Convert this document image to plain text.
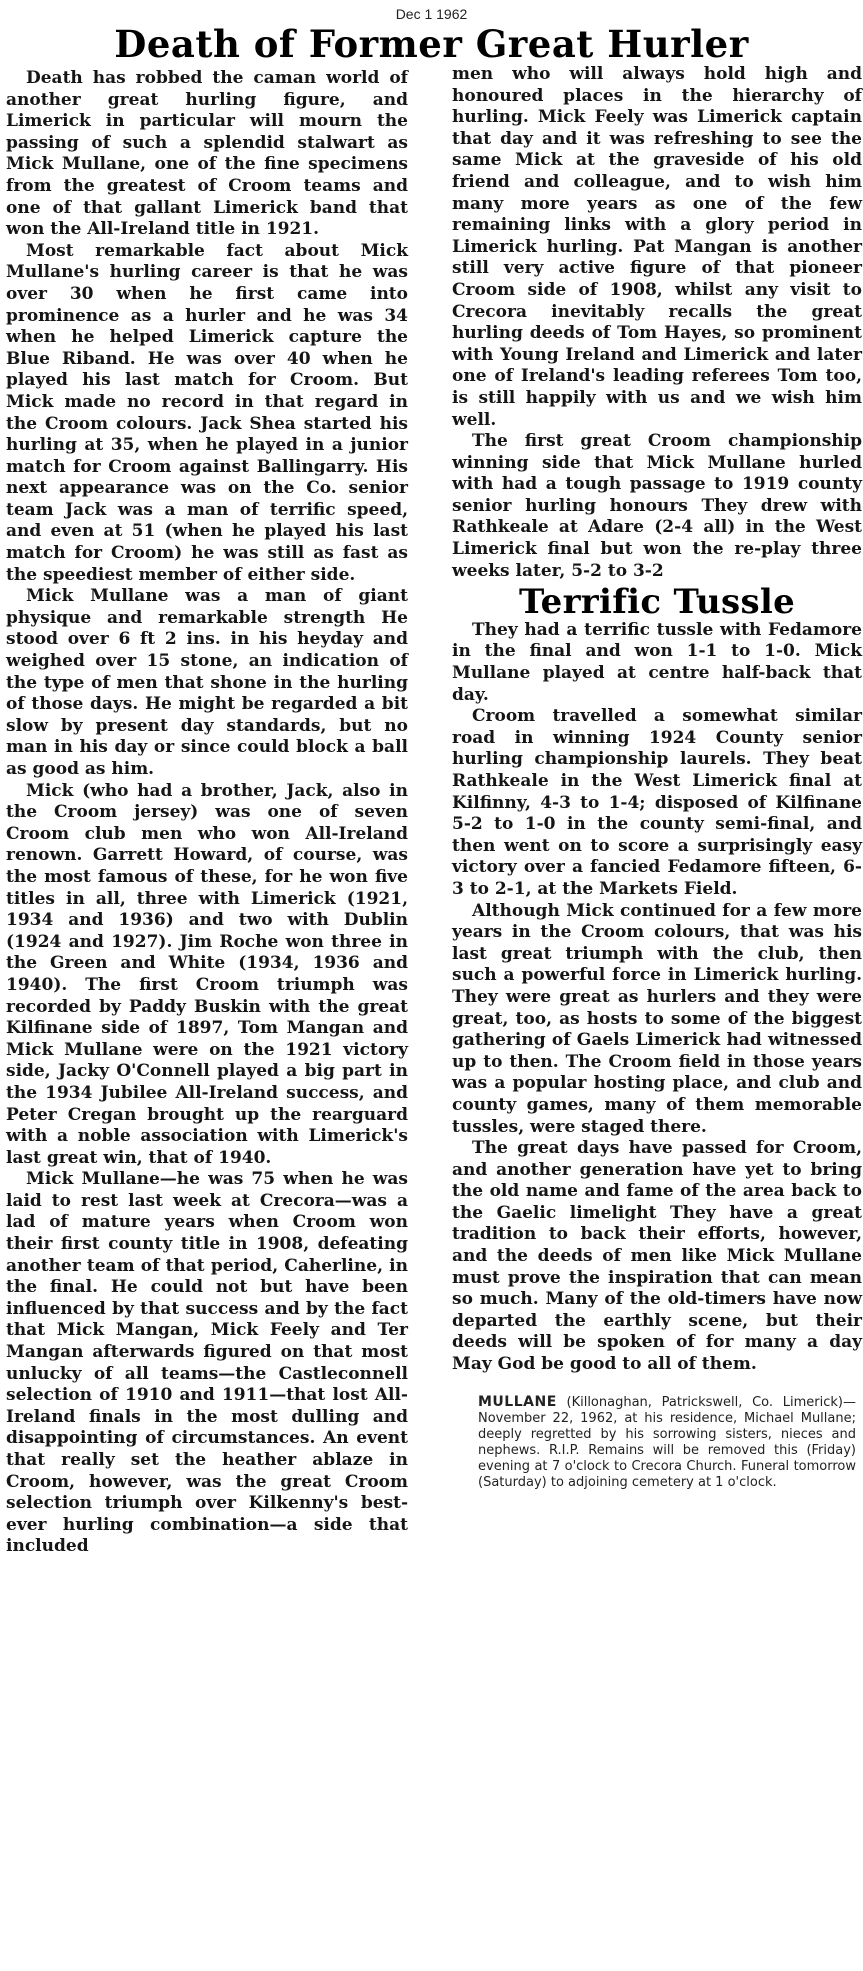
Dec 1 1962
Death of Former Great Hurler

Death has robbed the caman world of another great hurling figure, and Limerick in particular will mourn the passing of such a splendid stalwart as Mick Mullane, one of the fine specimens from the greatest of Croom teams and one of that gallant Limerick band that won the All-Ireland title in 1921.

Most remarkable fact about Mick Mullane's hurling career is that he was over 30 when he first came into prominence as a hurler and he was 34 when he helped Limerick capture the Blue Riband. He was over 40 when he played his last match for Croom. But Mick made no record in that regard in the Croom colours. Jack Shea started his hurling at 35, when he played in a junior match for Croom against Ballingarry. His next appearance was on the Co. senior team Jack was a man of terrific speed, and even at 51 (when he played his last match for Croom) he was still as fast as the speediest member of either side.

Mick Mullane was a man of giant physique and remarkable strength He stood over 6 ft 2 ins. in his heyday and weighed over 15 stone, an indication of the type of men that shone in the hurling of those days. He might be regarded a bit slow by present day standards, but no man in his day or since could block a ball as good as him.

Mick (who had a brother, Jack, also in the Croom jersey) was one of seven Croom club men who won All-Ireland renown. Garrett Howard, of course, was the most famous of these, for he won five titles in all, three with Limerick (1921, 1934 and 1936) and two with Dublin (1924 and 1927). Jim Roche won three in the Green and White (1934, 1936 and 1940). The first Croom triumph was recorded by Paddy Buskin with the great Kilfinane side of 1897, Tom Mangan and Mick Mullane were on the 1921 victory side, Jacky O'Connell played a big part in the 1934 Jubilee All-Ireland success, and Peter Cregan brought up the rearguard with a noble association with Limerick's last great win, that of 1940.

Mick Mullane—he was 75 when he was laid to rest last week at Crecora—was a lad of mature years when Croom won their first county title in 1908, defeating another team of that period, Caherline, in the final. He could not but have been influenced by that success and by the fact that Mick Mangan, Mick Feely and Ter Mangan afterwards figured on that most unlucky of all teams—the Castleconnell selection of 1910 and 1911—that lost All-Ireland finals in the most dulling and disappointing of circumstances. An event that really set the heather ablaze in Croom, however, was the great Croom selection triumph over Kilkenny's best-ever hurling combination—a side that included

men who will always hold high and honoured places in the hierarchy of hurling. Mick Feely was Limerick captain that day and it was refreshing to see the same Mick at the graveside of his old friend and colleague, and to wish him many more years as one of the few remaining links with a glory period in Limerick hurling. Pat Mangan is another still very active figure of that pioneer Croom side of 1908, whilst any visit to Crecora inevitably recalls the great hurling deeds of Tom Hayes, so prominent with Young Ireland and Limerick and later one of Ireland's leading referees Tom too, is still happily with us and we wish him well.

The first great Croom championship winning side that Mick Mullane hurled with had a tough passage to 1919 county senior hurling honours They drew with Rathkeale at Adare (2-4 all) in the West Limerick final but won the re-play three weeks later, 5-2 to 3-2

Terrific Tussle

They had a terrific tussle with Fedamore in the final and won 1-1 to 1-0. Mick Mullane played at centre half-back that day.

Croom travelled a somewhat similar road in winning 1924 County senior hurling championship laurels. They beat Rathkeale in the West Limerick final at Kilfinny, 4-3 to 1-4; disposed of Kilfinane 5-2 to 1-0 in the county semi-final, and then went on to score a surprisingly easy victory over a fancied Fedamore fifteen, 6-3 to 2-1, at the Markets Field.

Although Mick continued for a few more years in the Croom colours, that was his last great triumph with the club, then such a powerful force in Limerick hurling. They were great as hurlers and they were great, too, as hosts to some of the biggest gathering of Gaels Limerick had witnessed up to then. The Croom field in those years was a popular hosting place, and club and county games, many of them memorable tussles, were staged there.

The great days have passed for Croom, and another generation have yet to bring the old name and fame of the area back to the Gaelic limelight They have a great tradition to back their efforts, however, and the deeds of men like Mick Mullane must prove the inspiration that can mean so much. Many of the old-timers have now departed the earthly scene, but their deeds will be spoken of for many a day May God be good to all of them.

MULLANE (Killonaghan, Patrickswell, Co. Limerick)—November 22, 1962, at his residence, Michael Mullane; deeply regretted by his sorrowing sisters, nieces and nephews. R.I.P. Remains will be removed this (Friday) evening at 7 o'clock to Crecora Church. Funeral tomorrow (Saturday) to adjoining cemetery at 1 o'clock.
